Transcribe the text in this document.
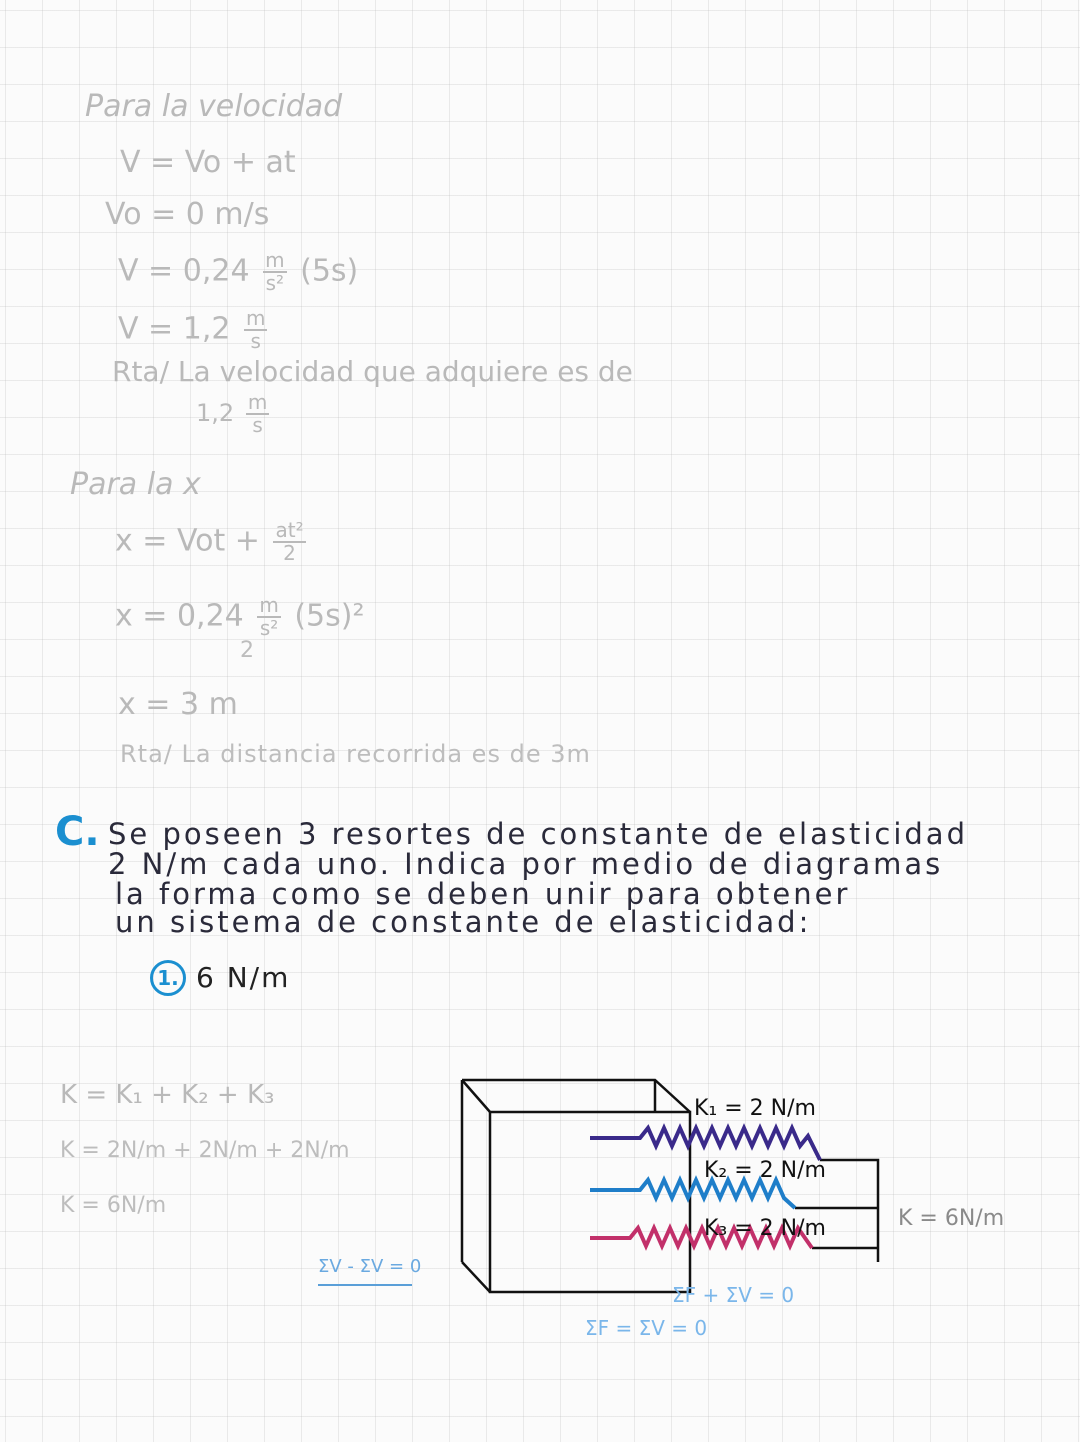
Para la velocidad
V = Vo + at
Vo = 0 m/s
$V = 0,24 \frac{m}{\text{s²}} (5s)$
$V = 1,2 \frac{m}{s}$
Rta/ La velocidad que adquiere es de
$1,2 \frac{m}{s}$
Para la x
x = Vot + $\frac{\text{at²}}{2}$
$x = 0,24 \frac{m}{\text{s²}} (5s)^2$
2
x = 3 m
Rta/ La distancia recorrida es de 3m
C. Se poseen 3 resortes de constante de elasticidad
2 N/m cada uno. Indica por medio de diagramas
la forma como se deben unir para obtener
un sistema de constante de elasticidad:
1. 6 N/m
K = K₁ + K₂ + K₃
K = 2N/m + 2N/m + 2N/m
K = 6N/m
K₁ = 2 N/m
K₂ = 2 N/m
K₃ = 2 N/m	K = 6N/m
ΣV - ΣV = 0
ΣF + ΣV = 0
ΣF = ΣV = 0
